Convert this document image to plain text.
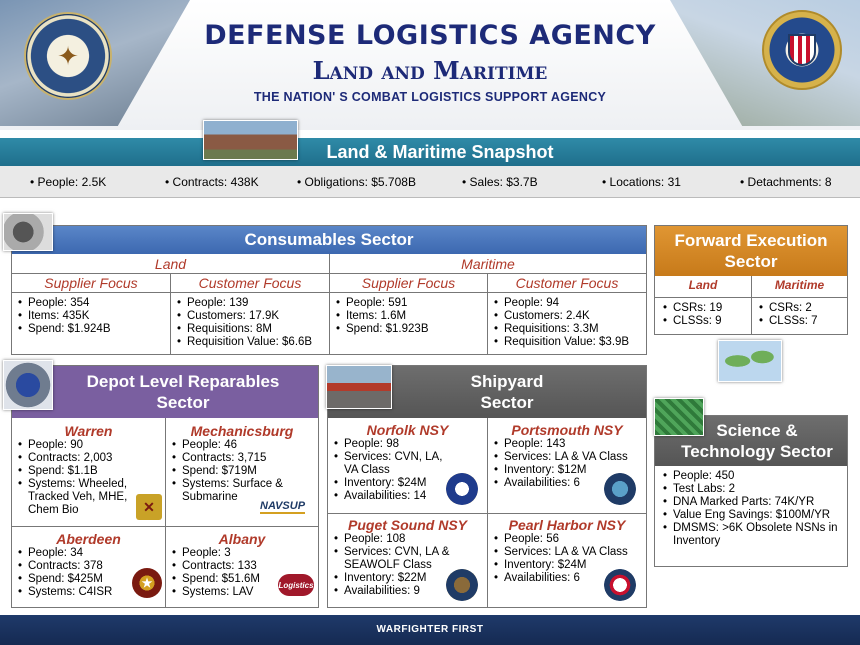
✦
DEFENSE LOGISTICS AGENCY
Land and Maritime
THE NATION' S COMBAT LOGISTICS SUPPORT AGENCY
Land & Maritime Snapshot
• People: 2.5K	• Contracts: 438K	• Obligations: $5.708B	• Sales: $3.7B	• Locations: 31	• Detachments: 8
Consumables Sector
Land	Maritime
Supplier Focus	Customer Focus	Supplier Focus	Customer Focus
• People: 354
• Items: 435K
• Spend: $1.924B
• People: 139
• Customers: 17.9K
• Requisitions: 8M
• Requisition Value: $6.6B
• People: 591
• Items: 1.6M
• Spend: $1.923B
• People: 94
• Customers: 2.4K
• Requisitions: 3.3M
• Requisition Value: $3.9B
Forward Execution
Sector
Land	Maritime
• CSRs: 19
• CLSSs: 9
• CSRs: 2
• CLSSs: 7
Depot Level Reparables
Sector
Warren
• People: 90
• Contracts: 2,003
• Spend: $1.1B
• Systems: Wheeled, Tracked Veh, MHE, Chem Bio	✕
Mechanicsburg
• People: 46
• Contracts: 3,715
• Spend: $719M
• Systems: Surface & Submarine
NAVSUP
Aberdeen
• People: 34
• Contracts: 378
• Spend: $425M
• Systems: C4ISR
★
Albany
• People: 3
• Contracts: 133
• Spend: $51.6M
• Systems: LAV
Logistics
Shipyard
Sector
Norfolk NSY
• People: 98
• Services: CVN, LA, VA Class
• Inventory: $24M
• Availabilities: 14
Portsmouth NSY
• People: 143
• Services: LA & VA Class
• Inventory: $12M
• Availabilities: 6
Puget Sound NSY
• People: 108
• Services: CVN, LA & SEAWOLF Class
• Inventory: $22M
• Availabilities: 9
Pearl Harbor NSY
• People: 56
• Services: LA & VA Class
• Inventory: $24M
• Availabilities: 6
Science &
Technology Sector
• People: 450
• Test Labs: 2
• DNA Marked Parts: 74K/YR
• Value Eng Savings: $100M/YR
• DMSMS: >6K Obsolete NSNs in Inventory
WARFIGHTER FIRST
